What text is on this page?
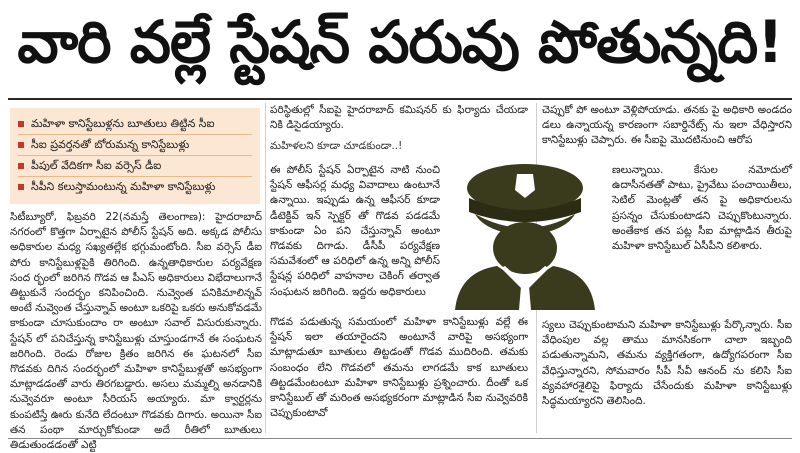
వారి వల్లే స్టేషన్ పరువు పోతున్నది!
మహిళా కానిస్టేబుళ్లను బూతులు తిట్టిన సీఐ
సీఐ ప్రవర్తనతో బోరుమన్న కానిస్టేబుళ్లు
పీపుల్ వేదికగా సీఐ వర్సెస్ డీఐ
సీపీని కలుస్తామంటున్న మహిళా కానిస్టేబుళ్లు

సిటీబ్యూరో, ఫిబ్రవరి 22(నమస్తే తెలంగాణ): హైదరాబాద్ నగరంలో కొత్తగా ఏర్పాటైన పోలీస్ స్టేషన్ అది. అక్కడ పోలీసు అధికారుల మధ్య సఖ్యతల్లేక భగ్గుమంటోంది. సీఐ వర్సెస్ డీఐ పోరు కానిస్టేబుళ్లపైకి తిరిగింది. ఉన్నతాధికారుల పర్యవేక్షణ సంద ర్భంలో జరిగిన గొడవ ఆ పీఎస్ అధికారులు విభేదాలుగానే తిట్టుకునే సందర్భం కనిపించింది. నువ్వెంత పనికిమాలిన్నవ్ అంటే నువ్వెంత చేస్తున్నావ్ అంటూ ఒకరిపై ఒకరు అనుకోవడమే కాకుండా చూసుకుందాం రా అంటూ సవాల్ విసురుకున్నారు. స్టేషన్ లో పనిచేస్తున్న కానిస్టేబుళ్లు చూస్తుండగానే ఈ సంఘటన జరిగింది. రెండు రోజుల క్రితం జరిగిన ఈ ఘటనలో సీఐ గొడవకు దిగిన సందర్భంలో మహిళా కానిస్టేబుళ్లతో అసభ్యంగా మాట్లాడడంతో వారు తిరగబడ్డారు. అసలు మమ్మల్ని అనడానికి నువ్వెవరూ అంటూ సీరియస్ అయ్యారు. మా క్వార్టర్లను కుంపటిస్తే ఊరు కునేది లేదంటూ గొడవకు దిగారు. అయినా సీఐ తన పంథా మార్చుకోకుండా అదే రీతిలో బూతులు తిడుతుండడంతో ఎట్టి

పరిస్థితుల్లో సీఐపై హైదరాబాద్ కమిషనర్ కు ఫిర్యాదు చేయడా నికి డిసైడయ్యారు.

మహిళలని కూడా చూడకుండా..!

ఈ పోలీస్ స్టేషన్ ఏర్పాటైన నాటి నుంచి స్టేషన్ ఆఫీసర్ల మధ్య వివాదాలు ఉంటూనే ఉన్నాయి. ఇప్పుడు ఉన్న ఆఫీసర్ కూడా డీటెక్టివ్ ఇన్ స్పెక్టర్ తో గొడవ పడడమే కాకుండా ఏం పని చేస్తున్నావ్ అంటూ గొడవకు దిగాడు. డీసీపీ పర్యవేక్షణ సమవేశంలో ఆ పరిధిలో ఉన్న అన్ని పోలీస్ స్టేషన్ల పరిధిలో వాహనాల చెకింగ్ తర్వాత సంఘటన జరిగింది. ఇద్దరు అధికారులు

గొడవ పడుతున్న సమయంలో మహిళా కానిస్టేబుళ్లు వల్లే ఈ స్టేషన్ ఇలా తయారైందని అంటూనే వారిపై అసభ్యంగా మాట్లాడుతూ బూతులు తిట్టడంతో గొడవ ముదిరింది. తమకు సంబంధం లేని గొడవలో తమను లాగడమే కాక బూతులు తిట్టడమేంటంటూ మహిళా కానిస్టేబుళ్లు ప్రశ్నించారు. దీంతో ఒక కానిస్టేబుల్ తో మరింత అసభ్యకరంగా మాట్లాడిన సీఐ నువ్వెవరికి చెప్పుకుంటావో

చెప్పుకో పో అంటూ వెళ్లిపోయాడు. తనకు పై అధికారి అండదం డలు ఉన్నాయన్న కారణంగా సబార్డినేట్స్ ను ఇలా వేధిస్తారని కానిస్టేబుళ్లు చెప్పారు. ఈ సీఐపై మొదటినుంచి ఆరోప

ణలున్నాయి. కేసుల నమోదులో ఉదాసీనతతో పాటు, ప్రైవేటు పంచాయితీలు, సెటిల్ మెంట్లతో తన పై అధికారులను ప్రసన్నం చేసుకుంటాడని చెప్పుకొంటున్నారు. అంతేకాక తన పట్ల సీఐ మాట్లాడిన తీరుపై మహిళా కానిస్టేబుల్ ఏసీపీని కలిశారు.

స్యలు చెప్పుకుంటామని మహిళా కానిస్టేబుళ్లు పేర్కొన్నారు. సీఐ వేధింపుల వల్ల తాము మానసికంగా చాలా ఇబ్బంది పడుతున్నామని, తమను వ్యక్తిగతంగా, ఉద్యోగపరంగా సీఐ వేధిస్తున్నారని, సోమవారం సీపీ సీవీ ఆనంద్ ను కలిసి సీఐ వ్యవహారశైలిపై ఫిర్యాదు చేసేందుకు మహిళా కానిస్టేబుళ్లు సిద్ధమయ్యారని తెలిసింది.
